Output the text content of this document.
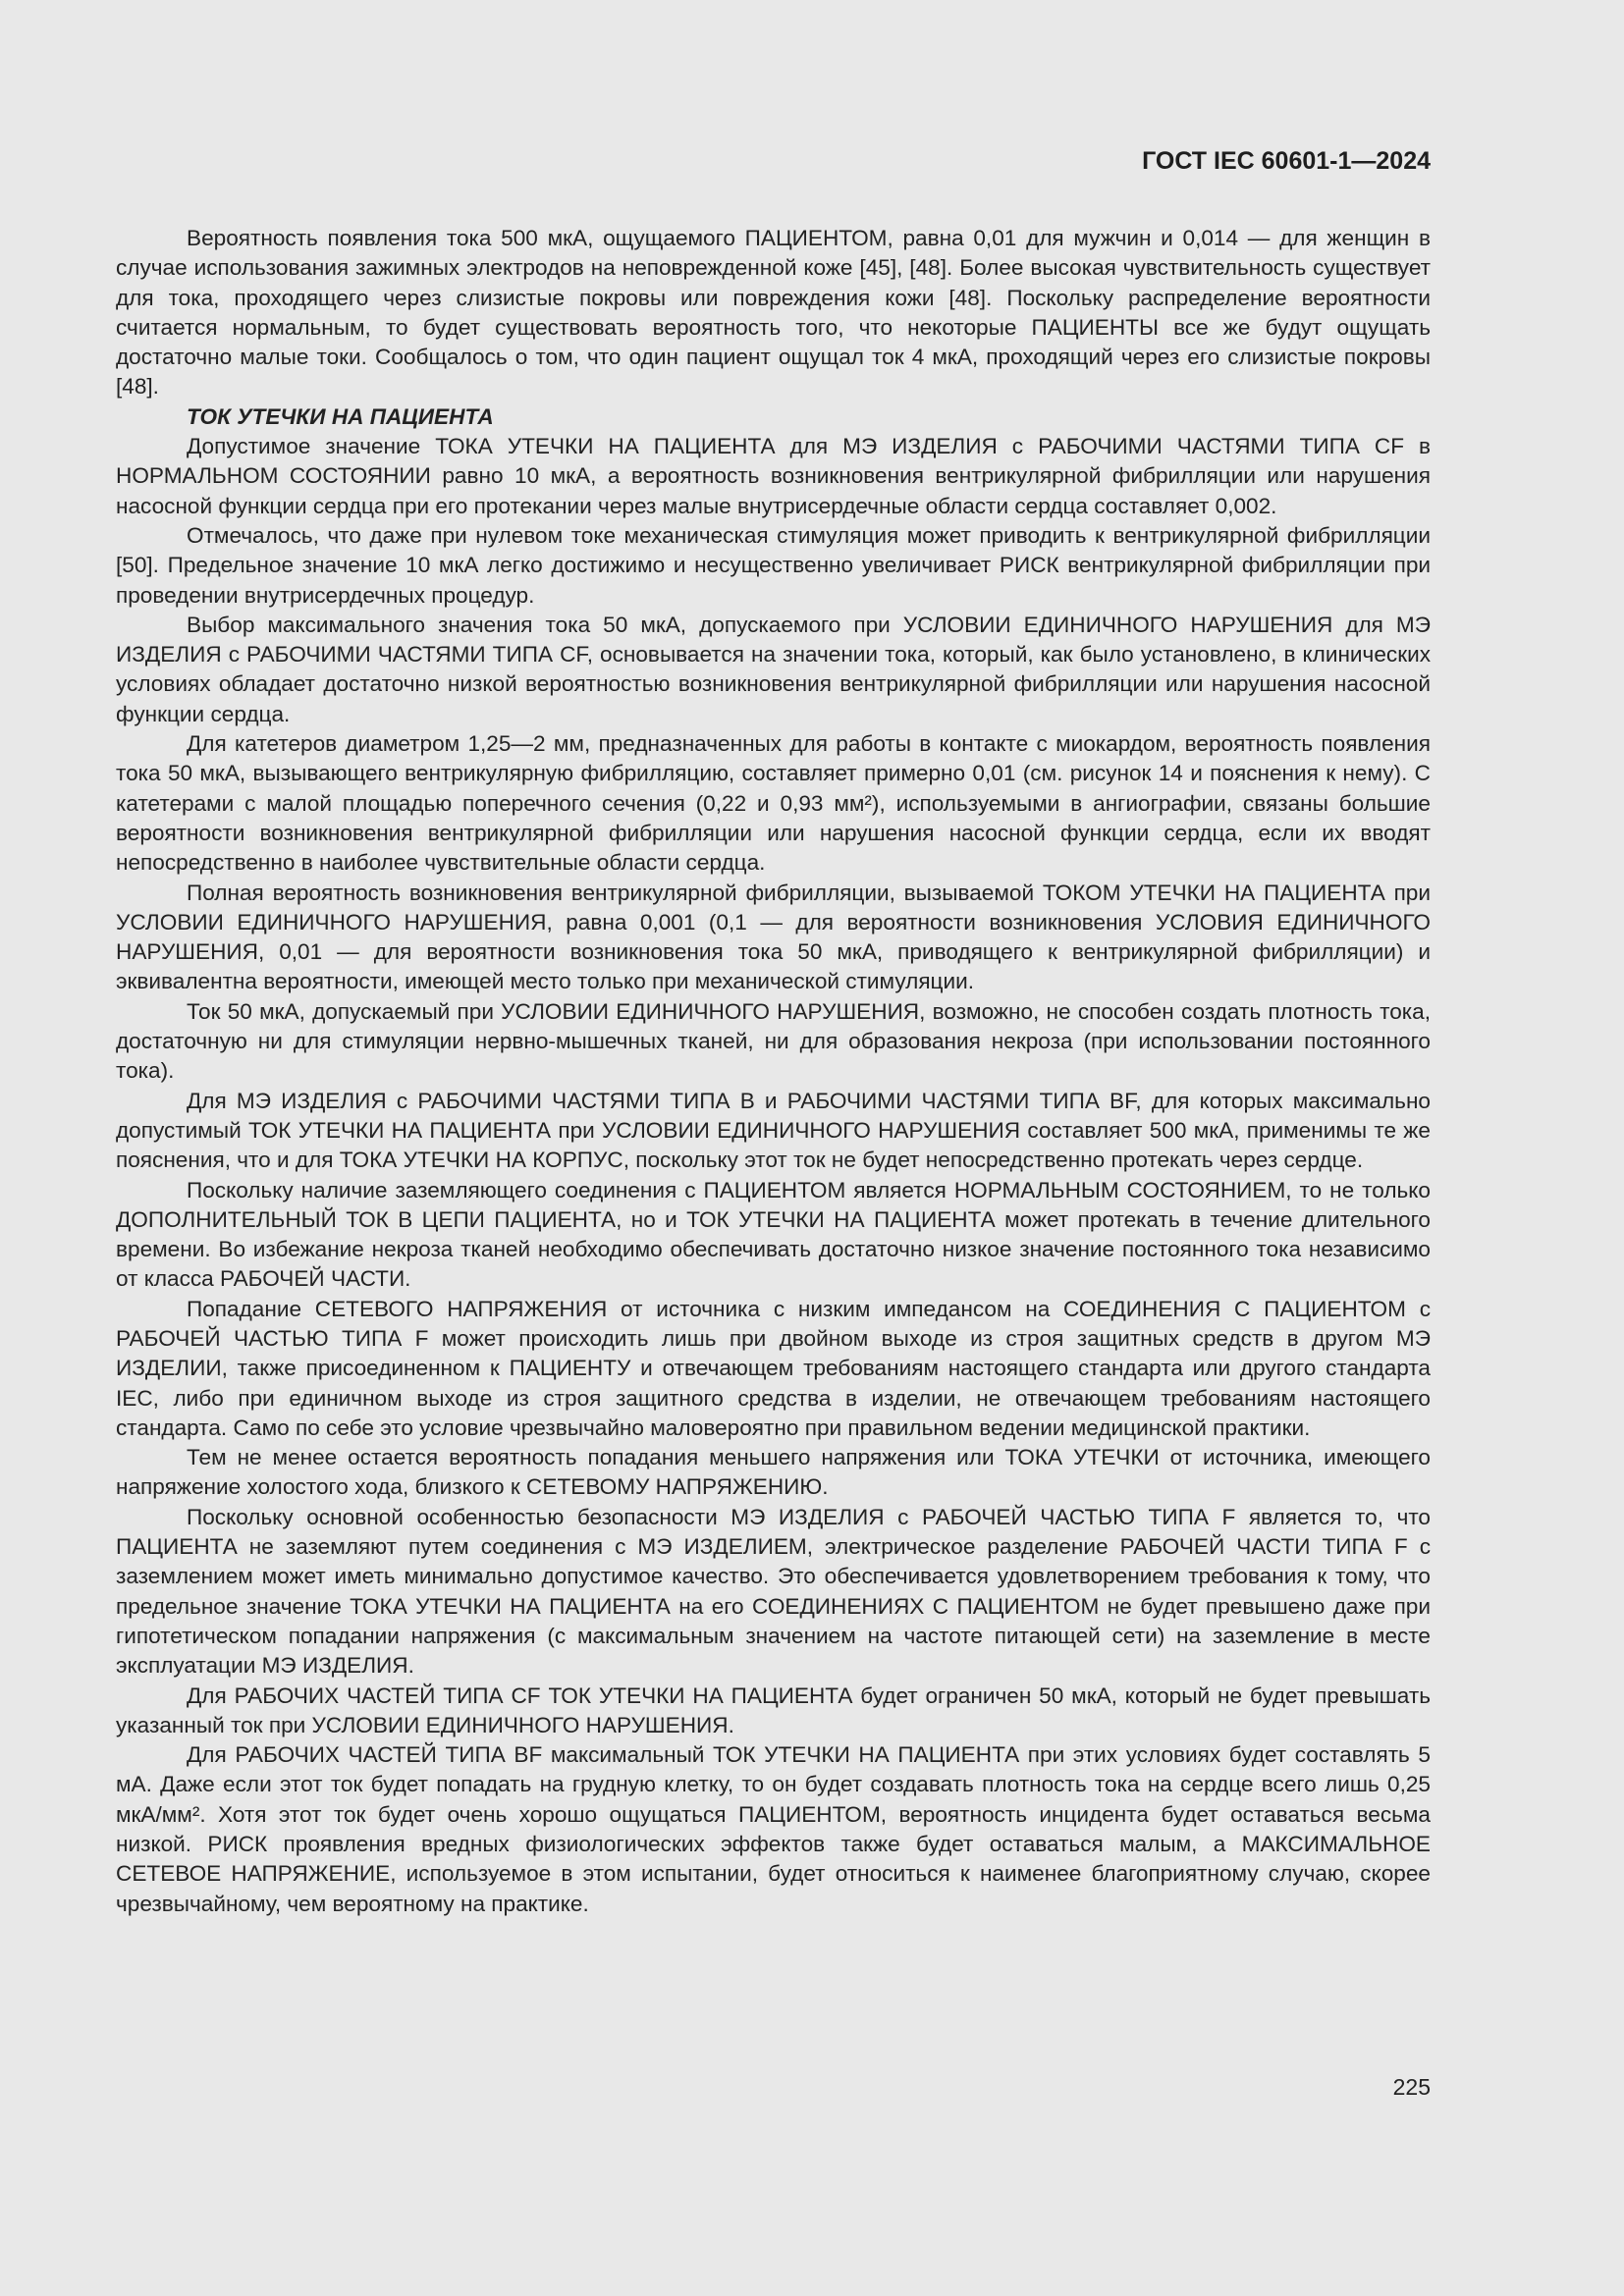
ГОСТ IEC 60601-1—2024

Вероятность появления тока 500 мкА, ощущаемого ПАЦИЕНТОМ, равна 0,01 для мужчин и 0,014 — для женщин в случае использования зажимных электродов на неповрежденной коже [45], [48]. Более высокая чувствительность существует для тока, проходящего через слизистые покровы или повреждения кожи [48]. Поскольку распределение вероятности считается нормальным, то будет существовать вероятность того, что некоторые ПАЦИЕНТЫ все же будут ощущать достаточно малые токи. Сообщалось о том, что один пациент ощущал ток 4 мкА, проходящий через его слизистые покровы [48].

ТОК УТЕЧКИ НА ПАЦИЕНТА

Допустимое значение ТОКА УТЕЧКИ НА ПАЦИЕНТА для МЭ ИЗДЕЛИЯ с РАБОЧИМИ ЧАСТЯМИ ТИПА CF в НОРМАЛЬНОМ СОСТОЯНИИ равно 10 мкА, а вероятность возникновения вентрикулярной фибрилляции или нарушения насосной функции сердца при его протекании через малые внутрисердечные области сердца составляет 0,002.

Отмечалось, что даже при нулевом токе механическая стимуляция может приводить к вентрикулярной фибрилляции [50]. Предельное значение 10 мкА легко достижимо и несущественно увеличивает РИСК вентрикулярной фибрилляции при проведении внутрисердечных процедур.

Выбор максимального значения тока 50 мкА, допускаемого при УСЛОВИИ ЕДИНИЧНОГО НАРУШЕНИЯ для МЭ ИЗДЕЛИЯ с РАБОЧИМИ ЧАСТЯМИ ТИПА CF, основывается на значении тока, который, как было установлено, в клинических условиях обладает достаточно низкой вероятностью возникновения вентрикулярной фибрилляции или нарушения насосной функции сердца.

Для катетеров диаметром 1,25—2 мм, предназначенных для работы в контакте с миокардом, вероятность появления тока 50 мкА, вызывающего вентрикулярную фибрилляцию, составляет примерно 0,01 (см. рисунок 14 и пояснения к нему). С катетерами с малой площадью поперечного сечения (0,22 и 0,93 мм²), используемыми в ангиографии, связаны большие вероятности возникновения вентрикулярной фибрилляции или нарушения насосной функции сердца, если их вводят непосредственно в наиболее чувствительные области сердца.

Полная вероятность возникновения вентрикулярной фибрилляции, вызываемой ТОКОМ УТЕЧКИ НА ПАЦИЕНТА при УСЛОВИИ ЕДИНИЧНОГО НАРУШЕНИЯ, равна 0,001 (0,1 — для вероятности возникновения УСЛОВИЯ ЕДИНИЧНОГО НАРУШЕНИЯ, 0,01 — для вероятности возникновения тока 50 мкА, приводящего к вентрикулярной фибрилляции) и эквивалентна вероятности, имеющей место только при механической стимуляции.

Ток 50 мкА, допускаемый при УСЛОВИИ ЕДИНИЧНОГО НАРУШЕНИЯ, возможно, не способен создать плотность тока, достаточную ни для стимуляции нервно-мышечных тканей, ни для образования некроза (при использовании постоянного тока).

Для МЭ ИЗДЕЛИЯ с РАБОЧИМИ ЧАСТЯМИ ТИПА В и РАБОЧИМИ ЧАСТЯМИ ТИПА BF, для которых максимально допустимый ТОК УТЕЧКИ НА ПАЦИЕНТА при УСЛОВИИ ЕДИНИЧНОГО НАРУШЕНИЯ составляет 500 мкА, применимы те же пояснения, что и для ТОКА УТЕЧКИ НА КОРПУС, поскольку этот ток не будет непосредственно протекать через сердце.

Поскольку наличие заземляющего соединения с ПАЦИЕНТОМ является НОРМАЛЬНЫМ СОСТОЯНИЕМ, то не только ДОПОЛНИТЕЛЬНЫЙ ТОК В ЦЕПИ ПАЦИЕНТА, но и ТОК УТЕЧКИ НА ПАЦИЕНТА может протекать в течение длительного времени. Во избежание некроза тканей необходимо обеспечивать достаточно низкое значение постоянного тока независимо от класса РАБОЧЕЙ ЧАСТИ.

Попадание СЕТЕВОГО НАПРЯЖЕНИЯ от источника с низким импедансом на СОЕДИНЕНИЯ С ПАЦИЕНТОМ с РАБОЧЕЙ ЧАСТЬЮ ТИПА F может происходить лишь при двойном выходе из строя защитных средств в другом МЭ ИЗДЕЛИИ, также присоединенном к ПАЦИЕНТУ и отвечающем требованиям настоящего стандарта или другого стандарта IEC, либо при единичном выходе из строя защитного средства в изделии, не отвечающем требованиям настоящего стандарта. Само по себе это условие чрезвычайно маловероятно при правильном ведении медицинской практики.

Тем не менее остается вероятность попадания меньшего напряжения или ТОКА УТЕЧКИ от источника, имеющего напряжение холостого хода, близкого к СЕТЕВОМУ НАПРЯЖЕНИЮ.

Поскольку основной особенностью безопасности МЭ ИЗДЕЛИЯ с РАБОЧЕЙ ЧАСТЬЮ ТИПА F является то, что ПАЦИЕНТА не заземляют путем соединения с МЭ ИЗДЕЛИЕМ, электрическое разделение РАБОЧЕЙ ЧАСТИ ТИПА F с заземлением может иметь минимально допустимое качество. Это обеспечивается удовлетворением требования к тому, что предельное значение ТОКА УТЕЧКИ НА ПАЦИЕНТА на его СОЕДИНЕНИЯХ С ПАЦИЕНТОМ не будет превышено даже при гипотетическом попадании напряжения (с максимальным значением на частоте питающей сети) на заземление в месте эксплуатации МЭ ИЗДЕЛИЯ.

Для РАБОЧИХ ЧАСТЕЙ ТИПА CF ТОК УТЕЧКИ НА ПАЦИЕНТА будет ограничен 50 мкА, который не будет превышать указанный ток при УСЛОВИИ ЕДИНИЧНОГО НАРУШЕНИЯ.

Для РАБОЧИХ ЧАСТЕЙ ТИПА BF максимальный ТОК УТЕЧКИ НА ПАЦИЕНТА при этих условиях будет составлять 5 мА. Даже если этот ток будет попадать на грудную клетку, то он будет создавать плотность тока на сердце всего лишь 0,25 мкА/мм². Хотя этот ток будет очень хорошо ощущаться ПАЦИЕНТОМ, вероятность инцидента будет оставаться весьма низкой. РИСК проявления вредных физиологических эффектов также будет оставаться малым, а МАКСИМАЛЬНОЕ СЕТЕВОЕ НАПРЯЖЕНИЕ, используемое в этом испытании, будет относиться к наименее благоприятному случаю, скорее чрезвычайному, чем вероятному на практике.

225
